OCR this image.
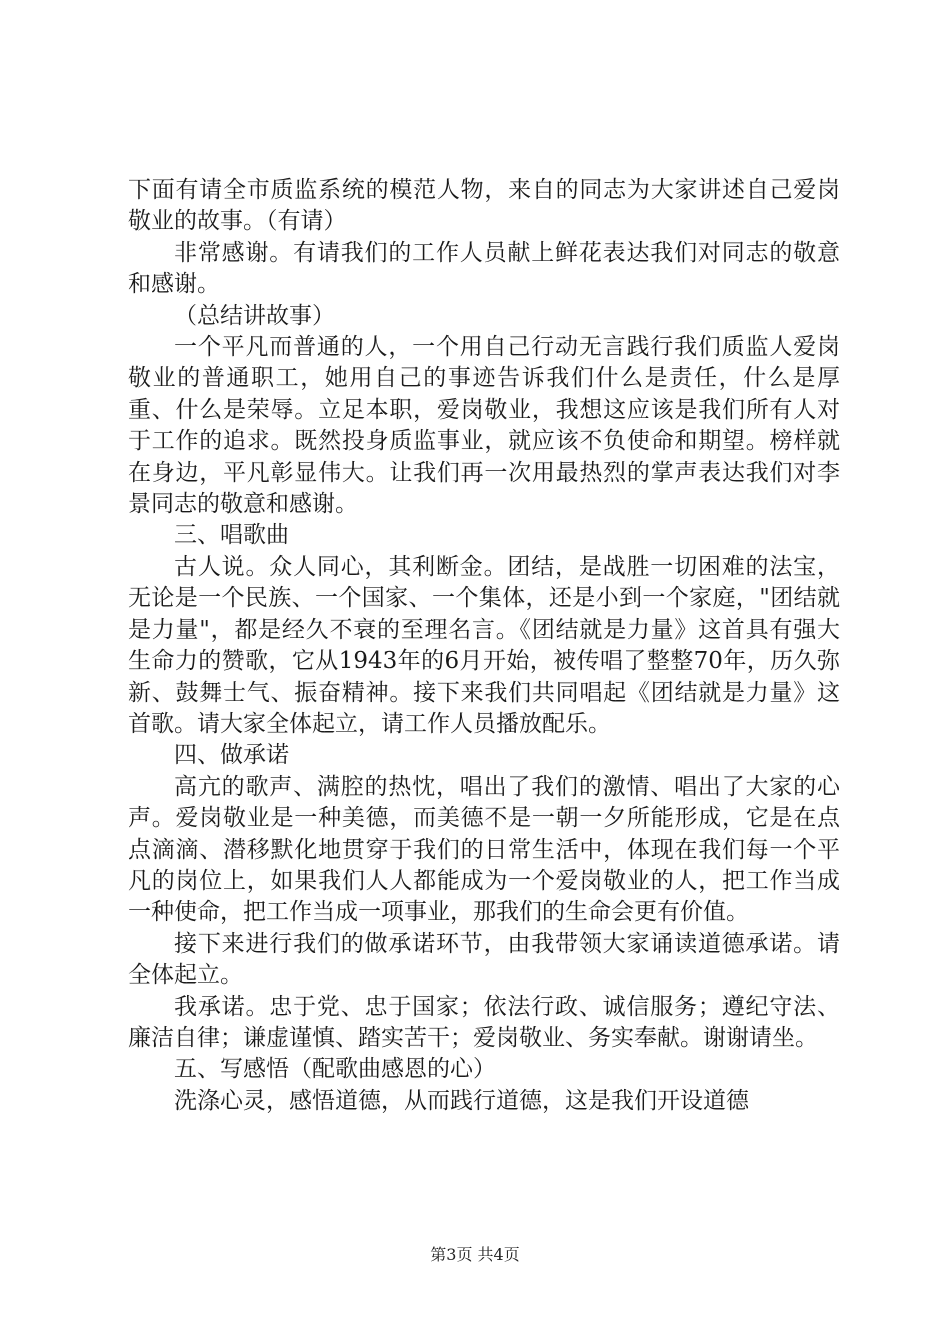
下面有请全市质监系统的模范人物，来自的同志为大家讲述自己爱岗敬业的故事。（有请）

非常感谢。有请我们的工作人员献上鲜花表达我们对同志的敬意和感谢。

（总结讲故事）

一个平凡而普通的人，一个用自己行动无言践行我们质监人爱岗敬业的普通职工，她用自己的事迹告诉我们什么是责任，什么是厚重、什么是荣辱。立足本职，爱岗敬业，我想这应该是我们所有人对于工作的追求。既然投身质监事业，就应该不负使命和期望。榜样就在身边，平凡彰显伟大。让我们再一次用最热烈的掌声表达我们对李景同志的敬意和感谢。

三、唱歌曲

古人说。众人同心，其利断金。团结，是战胜一切困难的法宝，无论是一个民族、一个国家、一个集体，还是小到一个家庭，"团结就是力量"，都是经久不衰的至理名言。《团结就是力量》这首具有强大生命力的赞歌，它从1943年的6月开始，被传唱了整整70年，历久弥新、鼓舞士气、振奋精神。接下来我们共同唱起《团结就是力量》这首歌。请大家全体起立，请工作人员播放配乐。

四、做承诺

高亢的歌声、满腔的热忱，唱出了我们的激情、唱出了大家的心声。爱岗敬业是一种美德，而美德不是一朝一夕所能形成，它是在点点滴滴、潜移默化地贯穿于我们的日常生活中，体现在我们每一个平凡的岗位上，如果我们人人都能成为一个爱岗敬业的人，把工作当成一种使命，把工作当成一项事业，那我们的生命会更有价值。

接下来进行我们的做承诺环节，由我带领大家诵读道德承诺。请全体起立。

我承诺。忠于党、忠于国家；依法行政、诚信服务；遵纪守法、廉洁自律；谦虚谨慎、踏实苦干；爱岗敬业、务实奉献。谢谢请坐。

五、写感悟（配歌曲感恩的心）

洗涤心灵，感悟道德，从而践行道德，这是我们开设道德

第3页 共4页
